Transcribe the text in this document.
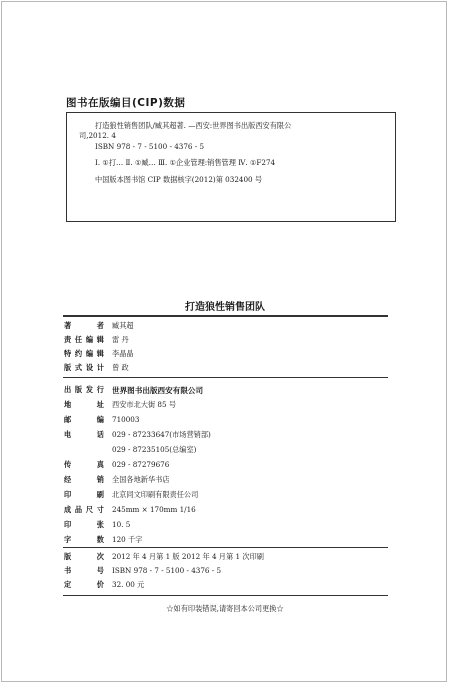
图书在版编目(CIP)数据
打造狼性销售团队/臧其超著. —西安:世界图书出版西安有限公
司,2012. 4
ISBN 978 - 7 - 5100 - 4376 - 5
Ⅰ. ①打… Ⅱ. ①臧… Ⅲ. ①企业管理:销售管理 Ⅳ. ①F274
中国版本图书馆 CIP 数据核字(2012)第 032400 号
打造狼性销售团队
著者 臧其超
责任编辑 雷 丹
特约编辑 李晶晶
版式设计 曾 政
出版发行 世界图书出版西安有限公司
地址 西安市北大街 85 号
邮编 710003
电话 029 - 87233647(市场营销部)
029 - 87235105(总编室)
传真 029 - 87279676
经销 全国各地新华书店
印刷 北京同文印刷有限责任公司
成品尺寸 245mm × 170mm 1/16
印张 10. 5
字数 120 千字
版次 2012 年 4 月第 1 版 2012 年 4 月第 1 次印刷
书号 ISBN 978 - 7 - 5100 - 4376 - 5
定价 32. 00 元
☆如有印装错误,请寄回本公司更换☆
